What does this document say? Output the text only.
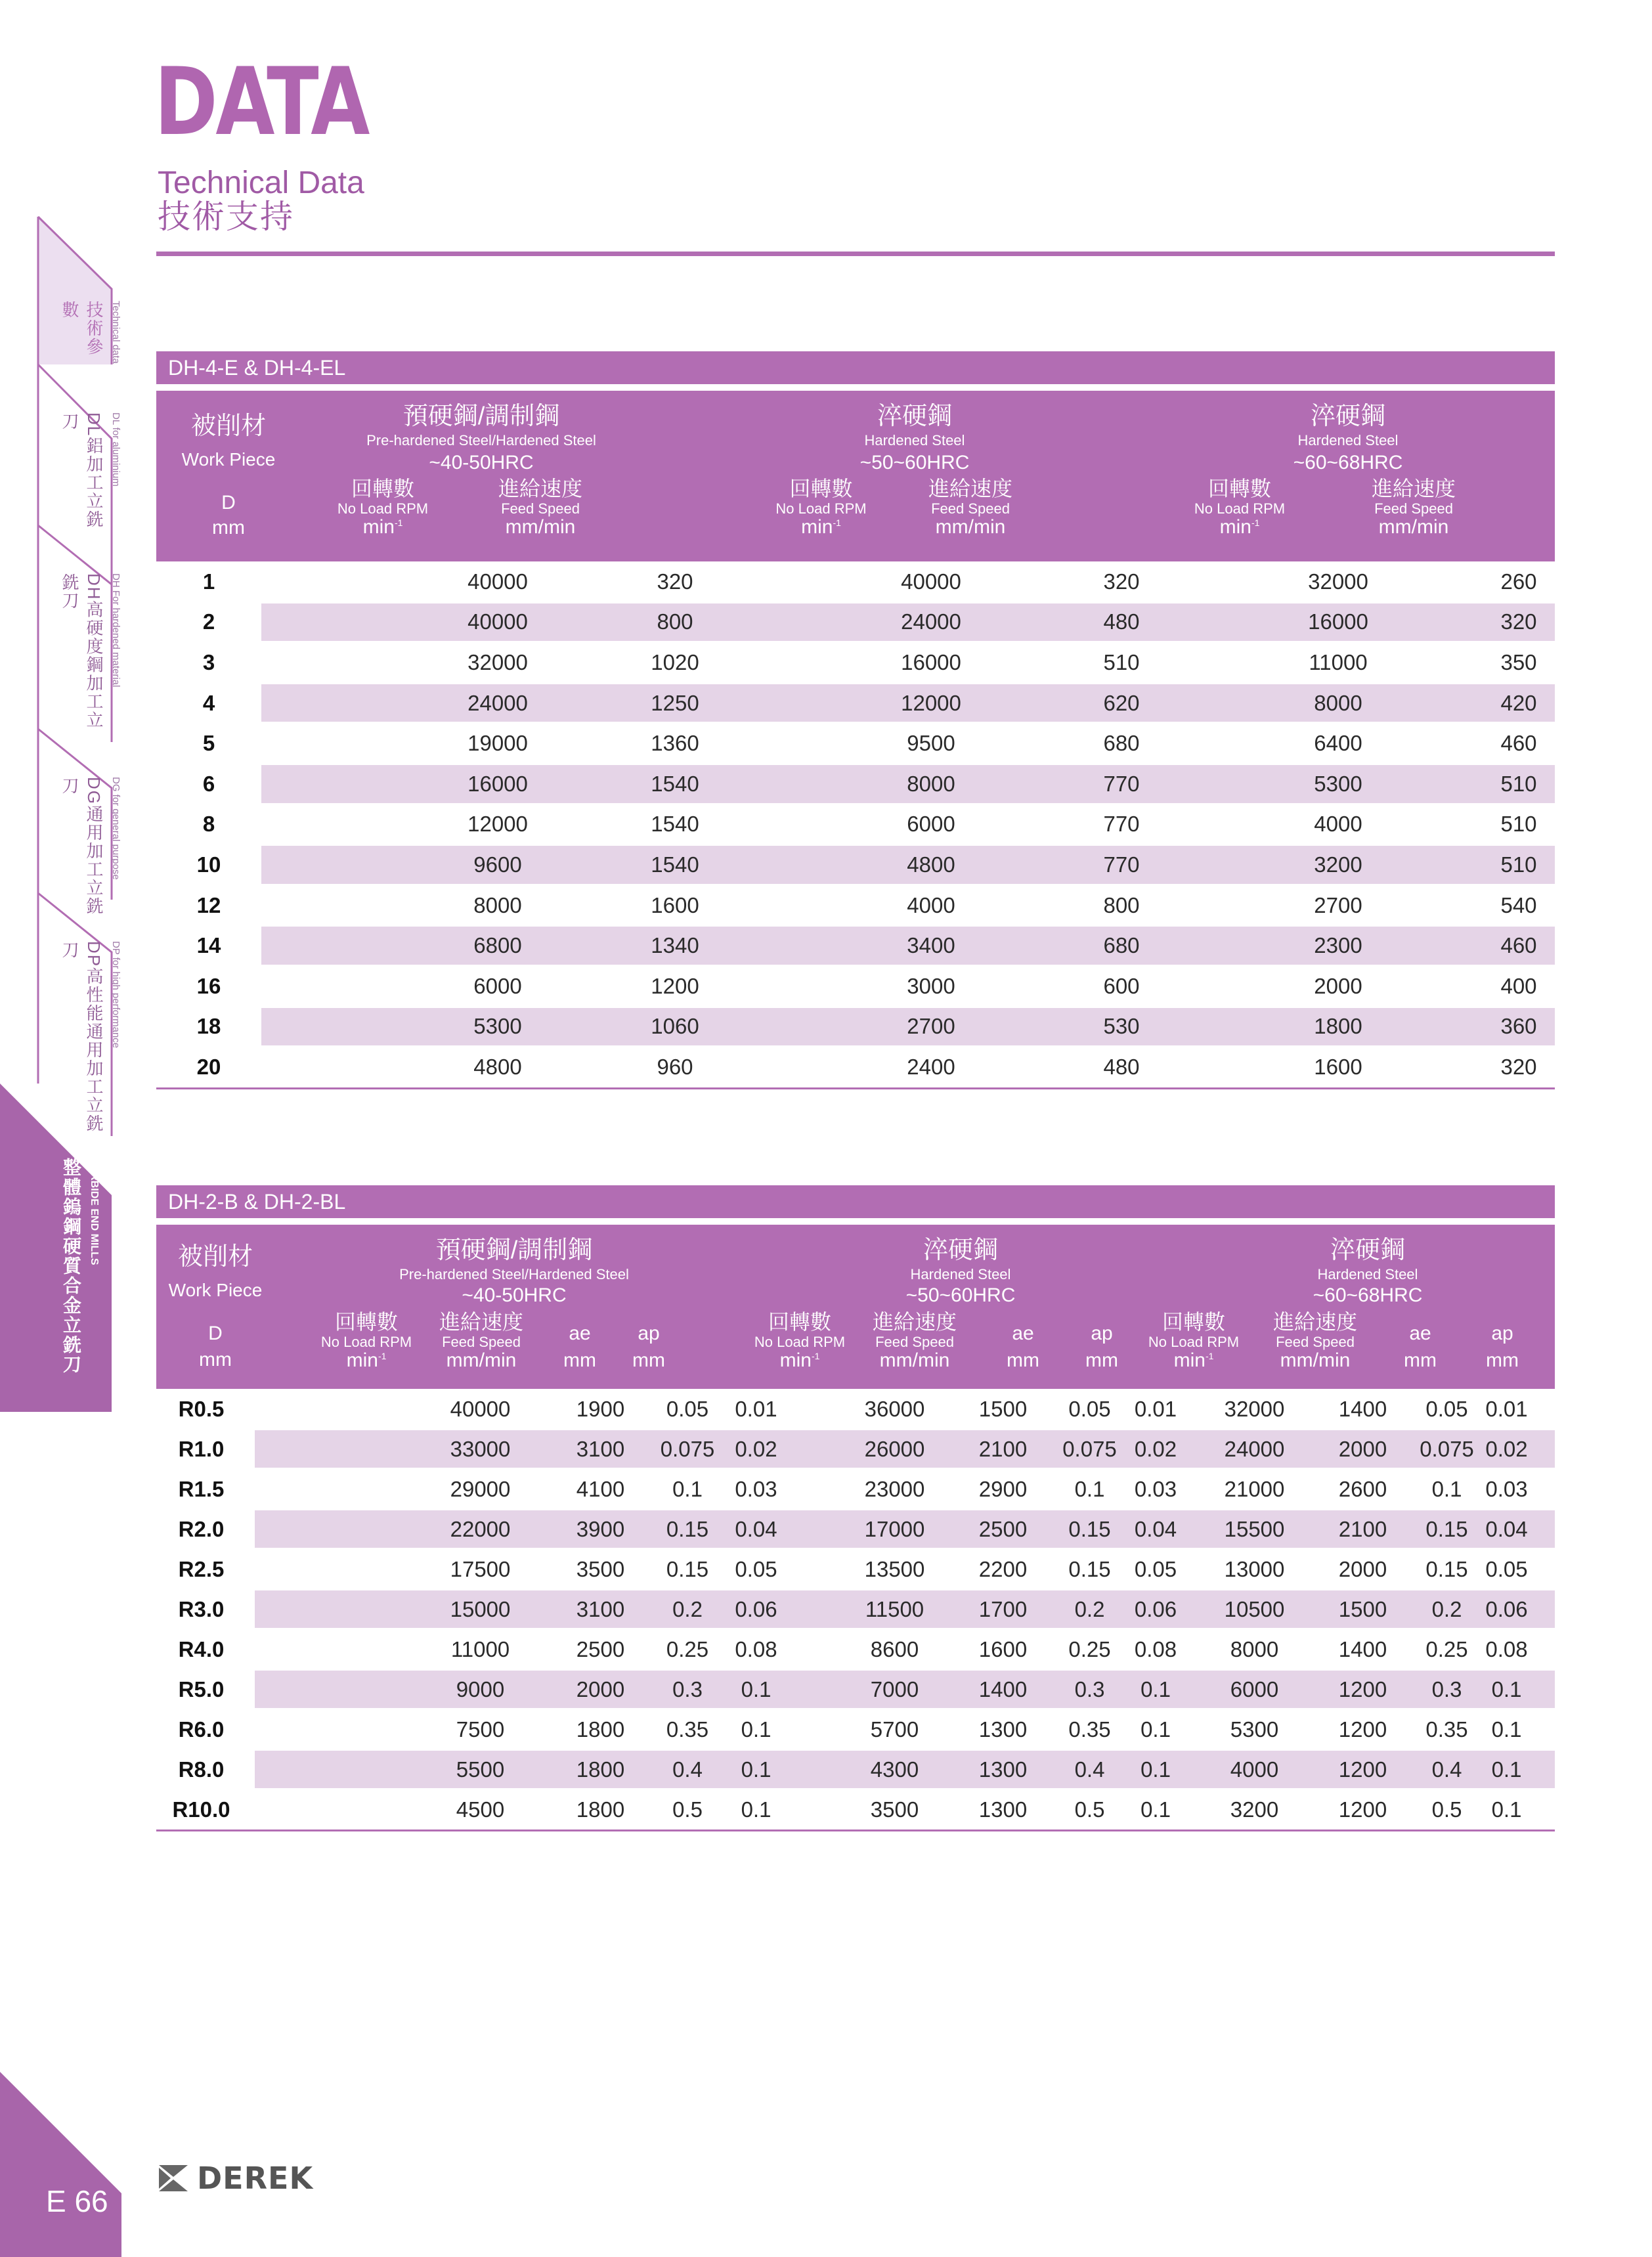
技術參數	Technical data
DL鋁加工立銑刀	DL for aluminium
DH高硬度鋼加工立銑刀	DH For hardened material
DG通用加工立銑刀	DG for general purpose
DP高性能通用加工立銑刀	DP for high performance
整體鎢鋼硬質合金立銑刀 CARBIDE END MILLS
DATA
Technical Data
技術支持
DH-4-E & DH-4-EL
被削材
Work Piece
D
mm
預硬鋼/調制鋼
Pre-hardened Steel/Hardened Steel
~40-50HRC
回轉數
No Load RPM
$\min^{-1}$
進給速度
Feed Speed
mm/min
淬硬鋼
Hardened Steel
~50~60HRC
回轉數
No Load RPM
$\min^{-1}$
進給速度
Feed Speed
mm/min
淬硬鋼
Hardened Steel
~60~68HRC
回轉數
No Load RPM
$\min^{-1}$
進給速度
Feed Speed
mm/min
1	40000	320	40000	320	32000	260
2	40000	800	24000	480	16000	320
3	32000	1020	16000	510	11000	350
4	24000	1250	12000	620	8000	420
5	19000	1360	9500	680	6400	460
6	16000	1540	8000	770	5300	510
8	12000	1540	6000	770	4000	510
10	9600	1540	4800	770	3200	510
12	8000	1600	4000	800	2700	540
14	6800	1340	3400	680	2300	460
16	6000	1200	3000	600	2000	400
18	5300	1060	2700	530	1800	360
20	4800	960	2400	480	1600	320
DH-2-B & DH-2-BL
被削材
Work Piece
D
mm
預硬鋼/調制鋼
Pre-hardened Steel/Hardened Steel
~40-50HRC
回轉數
No Load RPM
$\min^{-1}$
進給速度
Feed Speed
mm/min
ae
mm
ap
mm
淬硬鋼
Hardened Steel
~50~60HRC
回轉數
No Load RPM
$\min^{-1}$
進給速度
Feed Speed
mm/min
ae
mm
ap
mm
淬硬鋼
Hardened Steel
~60~68HRC
回轉數
No Load RPM
$\min^{-1}$
進給速度
Feed Speed
mm/min
ae
mm
ap
mm
R0.5	40000	1900	0.05	0.01	36000	1500	0.05	0.01	32000	1400	0.05 0.01
R1.0	33000	3100	0.075 0.02	26000	2100	0.075 0.02	24000	2000	0.075 0.02
R1.5	29000	4100	0.1	0.03	23000	2900	0.1	0.03	21000	2600	0.1	0.03
R2.0	22000	3900	0.15	0.04	17000	2500	0.15	0.04	15500	2100	0.15 0.04
R2.5	17500	3500	0.15	0.05	13500	2200	0.15	0.05	13000	2000	0.15 0.05
R3.0	15000	3100	0.2	0.06	11500	1700	0.2	0.06	10500	1500	0.2	0.06
R4.0	11000	2500	0.25	0.08	8600	1600	0.25	0.08	8000	1400	0.25 0.08
R5.0	9000	2000	0.3	0.1	7000	1400	0.3	0.1	6000	1200	0.3	0.1
R6.0	7500	1800	0.35	0.1	5700	1300	0.35	0.1	5300	1200	0.35	0.1
R8.0	5500	1800	0.4	0.1	4300	1300	0.4	0.1	4000	1200	0.4	0.1
R10.0	4500	1800	0.5	0.1	3500	1300	0.5	0.1	3200	1200	0.5	0.1
E 66
DEREK
